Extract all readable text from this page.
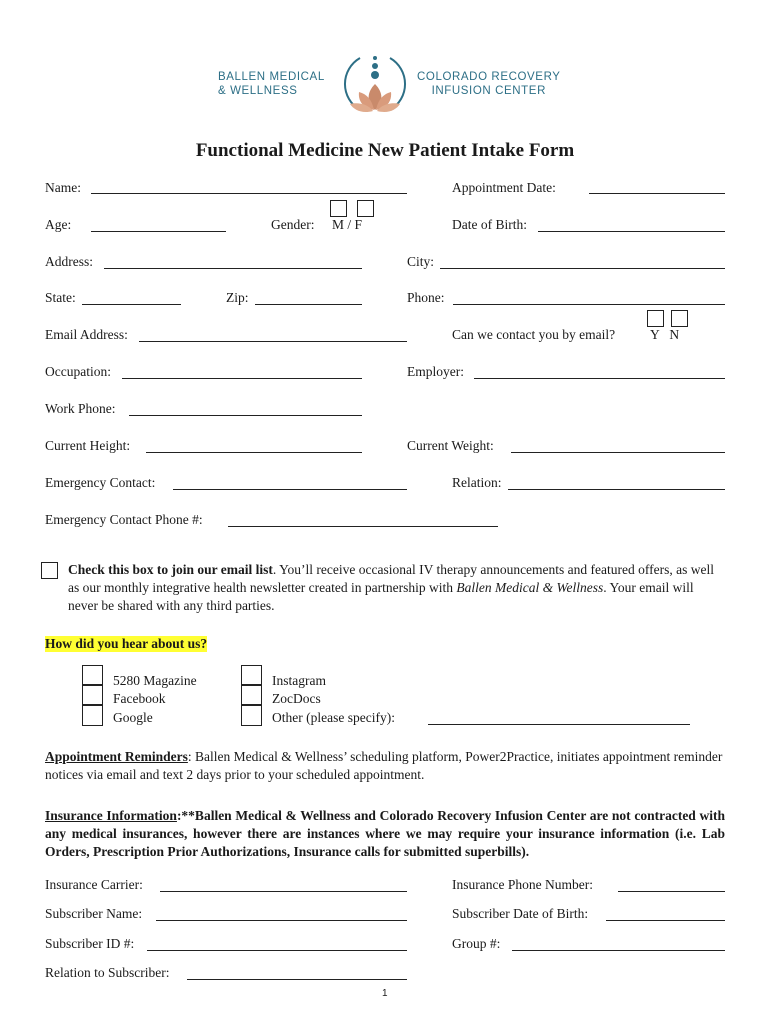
BALLEN MEDICAL
& WELLNESS
COLORADO RECOVERY
INFUSION CENTER
Functional Medicine New Patient Intake Form
Name:	Appointment Date:
Age:	Gender: M / F	Date of Birth:
Address:	City:
State:	Zip:	Phone:
Email Address:	Can we contact you by email?	Y   N
Occupation:	Employer:
Work Phone:
Current Height:	Current Weight:
Emergency Contact:	Relation:
Emergency Contact Phone #:
Check this box to join our email list. You’ll receive occasional IV therapy announcements and featured offers, as well as our monthly integrative health newsletter created in partnership with Ballen Medical & Wellness. Your email will never be shared with any third parties.
How did you hear about us?
5280 Magazine
Facebook
Google
Instagram
ZocDocs
Other (please specify):
Appointment Reminders: Ballen Medical & Wellness’ scheduling platform, Power2Practice, initiates appointment reminder notices via email and text 2 days prior to your scheduled appointment.
Insurance Information:**Ballen Medical & Wellness and Colorado Recovery Infusion Center are not contracted with any medical insurances, however there are instances where we may require your insurance information (i.e. Lab Orders, Prescription Prior Authorizations, Insurance calls for submitted superbills).
Insurance Carrier:	Insurance Phone Number:
Subscriber Name:	Subscriber Date of Birth:
Subscriber ID #:	Group #:
Relation to Subscriber:
1
